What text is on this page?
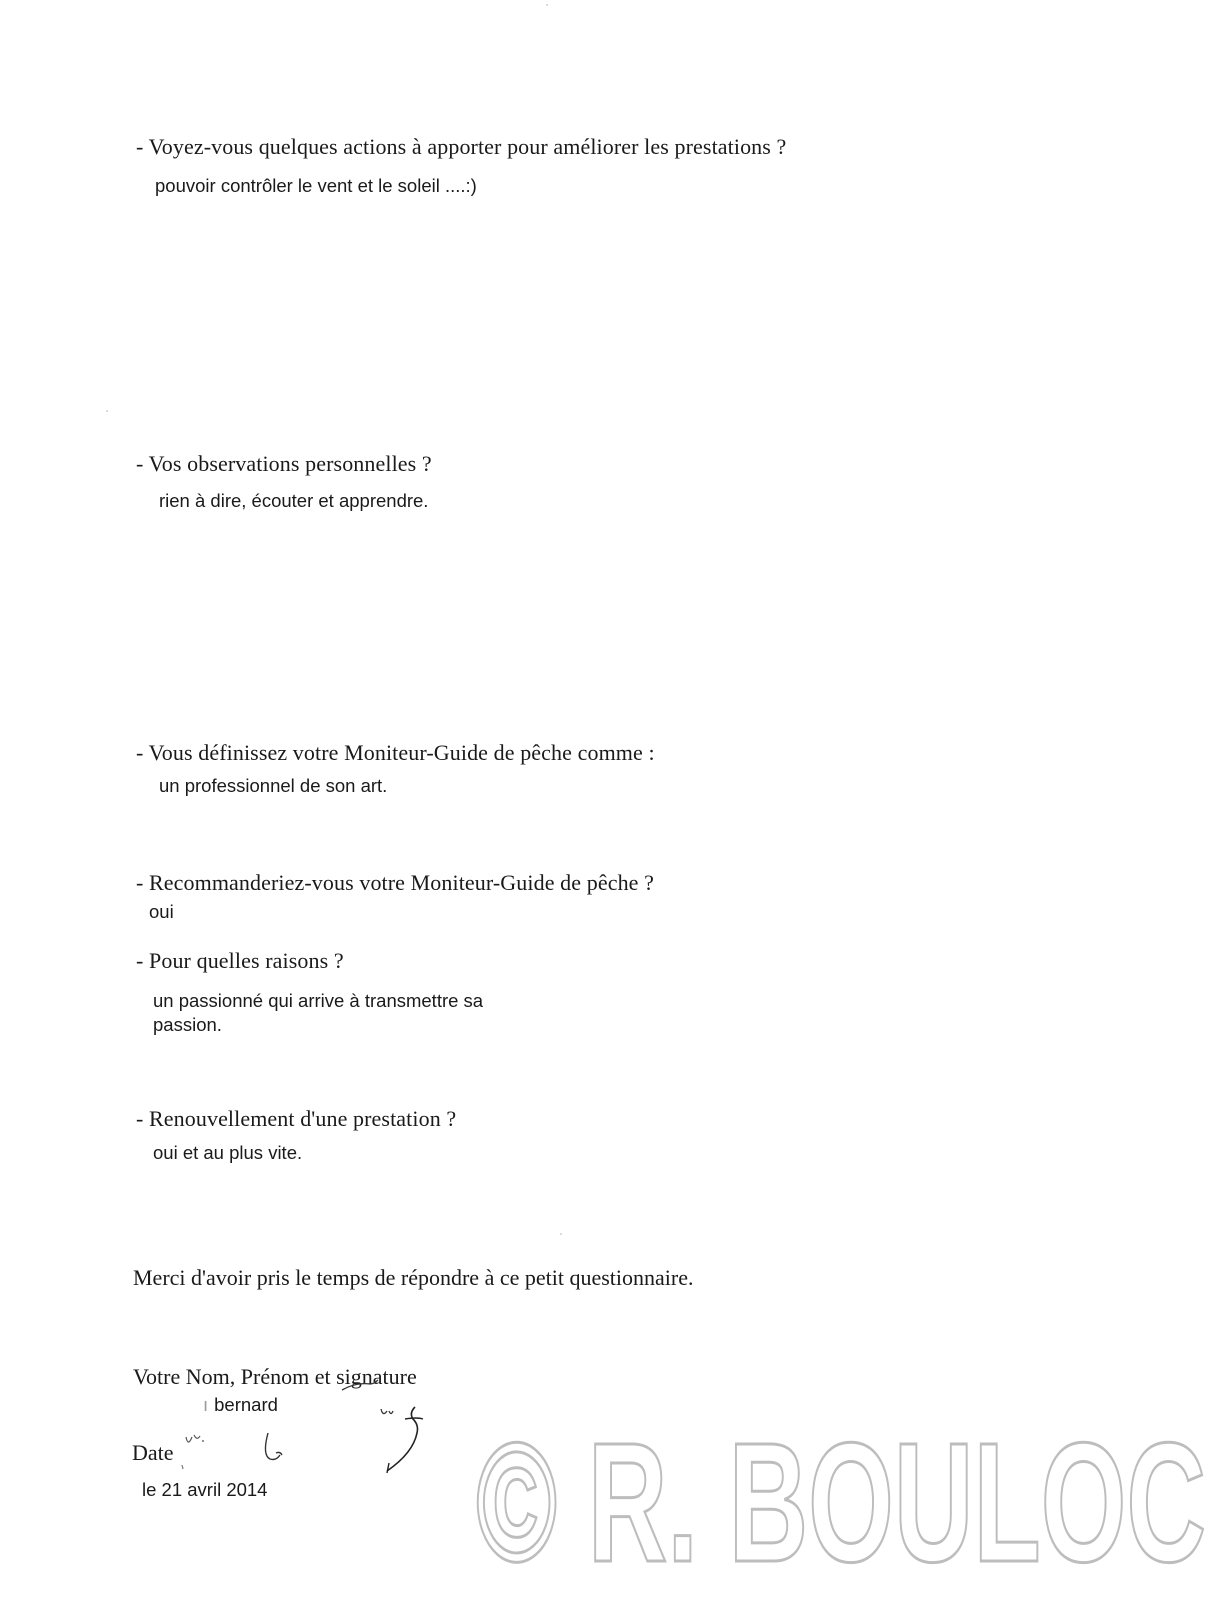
- Voyez-vous quelques actions à apporter pour améliorer les prestations ?
pouvoir contrôler le vent et le soleil ....:)
- Vos observations personnelles ?
rien à dire, écouter et apprendre.
- Vous définissez votre Moniteur-Guide de pêche comme :
un professionnel de son art.
- Recommanderiez-vous votre Moniteur-Guide de pêche ?
oui
- Pour quelles raisons ?
un passionné qui arrive à transmettre sa
passion.
- Renouvellement d'une prestation ?
oui et au plus vite.
Merci d'avoir pris le temps de répondre à ce petit questionnaire.
Votre Nom, Prénom et signature
ı bernard
Date
le 21 avril 2014 © R. BOULOC
